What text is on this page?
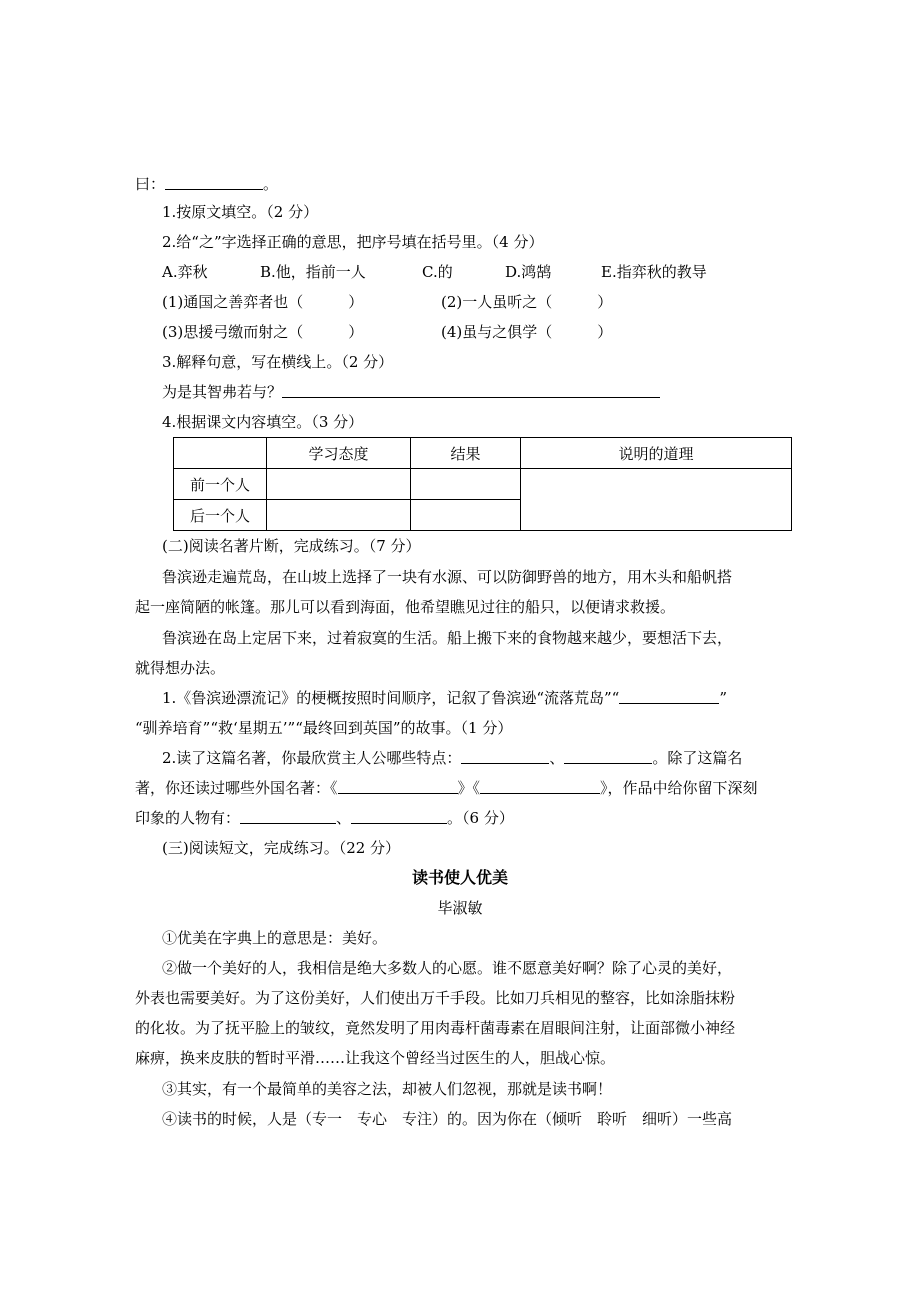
曰：	。
1.按原文填空。（2 分）
2.给“之”字选择正确的意思，把序号填在括号里。（4 分）
A.弈秋	B.他，指前一人	C.的	D.鸿鹄	E.指弈秋的教导
(1)通国之善弈者也（　　　）	(2)一人虽听之（　　　）
(3)思援弓缴而射之（　　　）	(4)虽与之俱学（　　　）
3.解释句意，写在横线上。（2 分）
为是其智弗若与？
4.根据课文内容填空。（3 分）
	学习态度	结果	说明的道理
前一个人			
后一个人			
(二)阅读名著片断，完成练习。（7 分）
鲁滨逊走遍荒岛，在山坡上选择了一块有水源、可以防御野兽的地方，用木头和船帆搭
起一座简陋的帐篷。那儿可以看到海面，他希望瞧见过往的船只，以便请求救援。
鲁滨逊在岛上定居下来，过着寂寞的生活。船上搬下来的食物越来越少，要想活下去，
就得想办法。
1.《鲁滨逊漂流记》的梗概按照时间顺序，记叙了鲁滨逊“流落荒岛”“	”
“驯养培育”“救‘星期五’”“最终回到英国”的故事。（1 分）
2.读了这篇名著，你最欣赏主人公哪些特点：	、	。除了这篇名
著，你还读过哪些外国名著：《	》《	》，作品中给你留下深刻
印象的人物有：	、	。（6 分）
(三)阅读短文，完成练习。（22 分）
读书使人优美
毕淑敏
①优美在字典上的意思是：美好。
②做一个美好的人，我相信是绝大多数人的心愿。谁不愿意美好啊？除了心灵的美好，
外表也需要美好。为了这份美好，人们使出万千手段。比如刀兵相见的整容，比如涂脂抹粉
的化妆。为了抚平脸上的皱纹，竟然发明了用肉毒杆菌毒素在眉眼间注射，让面部微小神经
麻痹，换来皮肤的暂时平滑……让我这个曾经当过医生的人，胆战心惊。
③其实，有一个最简单的美容之法，却被人们忽视，那就是读书啊！
④读书的时候，人是（专一　专心　专注）的。因为你在（倾听　聆听　细听）一些高
